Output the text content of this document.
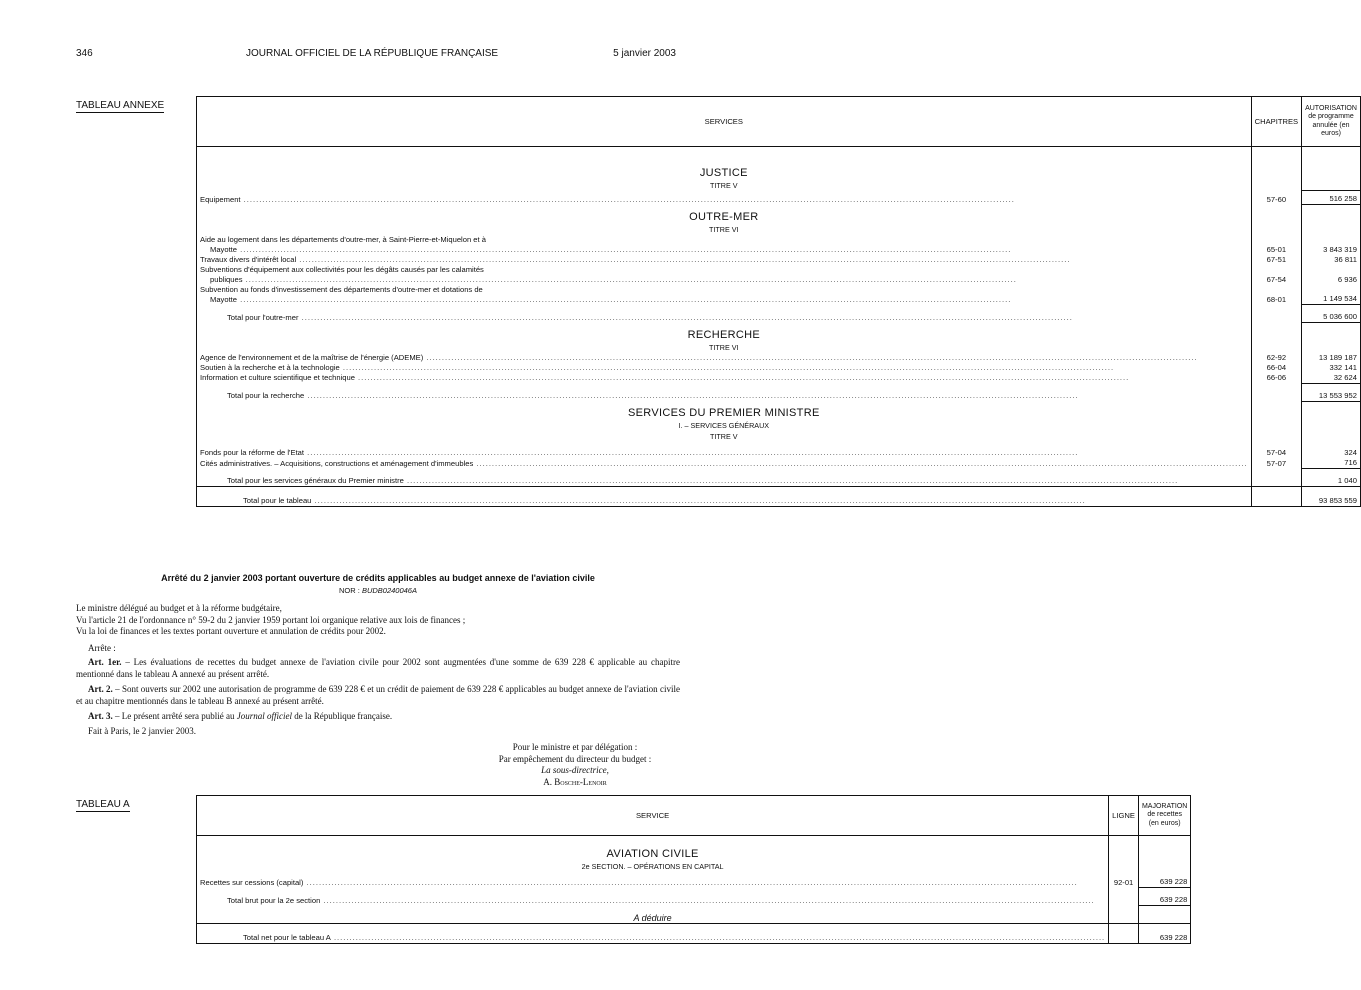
346	JOURNAL OFFICIEL DE LA RÉPUBLIQUE FRANÇAISE	5 janvier 2003
TABLEAU ANNEXE
SERVICES	CHAPITRES	AUTORISATION de programme annulée (en euros)

JUSTICE		
TITRE V		
Equipement .....	57-60	516 258
OUTRE-MER		
TITRE VI		
Aide au logement dans les départements d'outre-mer, à Saint-Pierre-et-Miquelon et à
Mayotte .....	65-01	3 843 319
Travaux divers d'intérêt local .....	67-51	36 811
Subventions d'équipement aux collectivités pour les dégâts causés par les calamités
publiques .....	67-54	6 936
Subvention au fonds d'investissement des départements d'outre-mer et dotations de
Mayotte .....	68-01	1 149 534
Total pour l'outre-mer .....		5 036 600
RECHERCHE		
TITRE VI		
Agence de l'environnement et de la maîtrise de l'énergie (ADEME) .....	62-92	13 189 187
Soutien à la recherche et à la technologie .....	66-04	332 141
Information et culture scientifique et technique .....	66-06	32 624
Total pour la recherche .....		13 553 952
SERVICES DU PREMIER MINISTRE		
I. – SERVICES GÉNÉRAUX		
TITRE V		
Fonds pour la réforme de l'Etat .....	57-04	324
Cités administratives. – Acquisitions, constructions et aménagement d'immeubles .....	57-07	716
Total pour les services généraux du Premier ministre .....		1 040
Total pour le tableau .....		93 853 559

Arrêté du 2 janvier 2003 portant ouverture de crédits applicables au budget annexe de l'aviation civile

NOR : BUDB0240046A

Le ministre délégué au budget et à la réforme budgétaire,

Vu l'article 21 de l'ordonnance n° 59-2 du 2 janvier 1959 portant loi organique relative aux lois de finances ;

Vu la loi de finances et les textes portant ouverture et annulation de crédits pour 2002.

Arrête :

Art. 1er. – Les évaluations de recettes du budget annexe de l'aviation civile pour 2002 sont augmentées d'une somme de 639 228 € applicable au chapitre mentionné dans le tableau A annexé au présent arrêté.

Art. 2. – Sont ouverts sur 2002 une autorisation de programme de 639 228 € et un crédit de paiement de 639 228 € applicables au budget annexe de l'aviation civile et au chapitre mentionnés dans le tableau B annexé au présent arrêté.

Art. 3. – Le présent arrêté sera publié au Journal officiel de la République française.

Fait à Paris, le 2 janvier 2003.

Pour le ministre et par délégation :

Par empêchement du directeur du budget :

La sous-directrice,

A. Bosche-Lenoir

TABLEAU A
SERVICE	LIGNE	MAJORATION de recettes (en euros)

AVIATION CIVILE		
2e SECTION. – OPÉRATIONS EN CAPITAL		
Recettes sur cessions (capital) .....	92-01	639 228
Total brut pour la 2e section .....		639 228
A déduire		
Total net pour le tableau A .....		639 228
